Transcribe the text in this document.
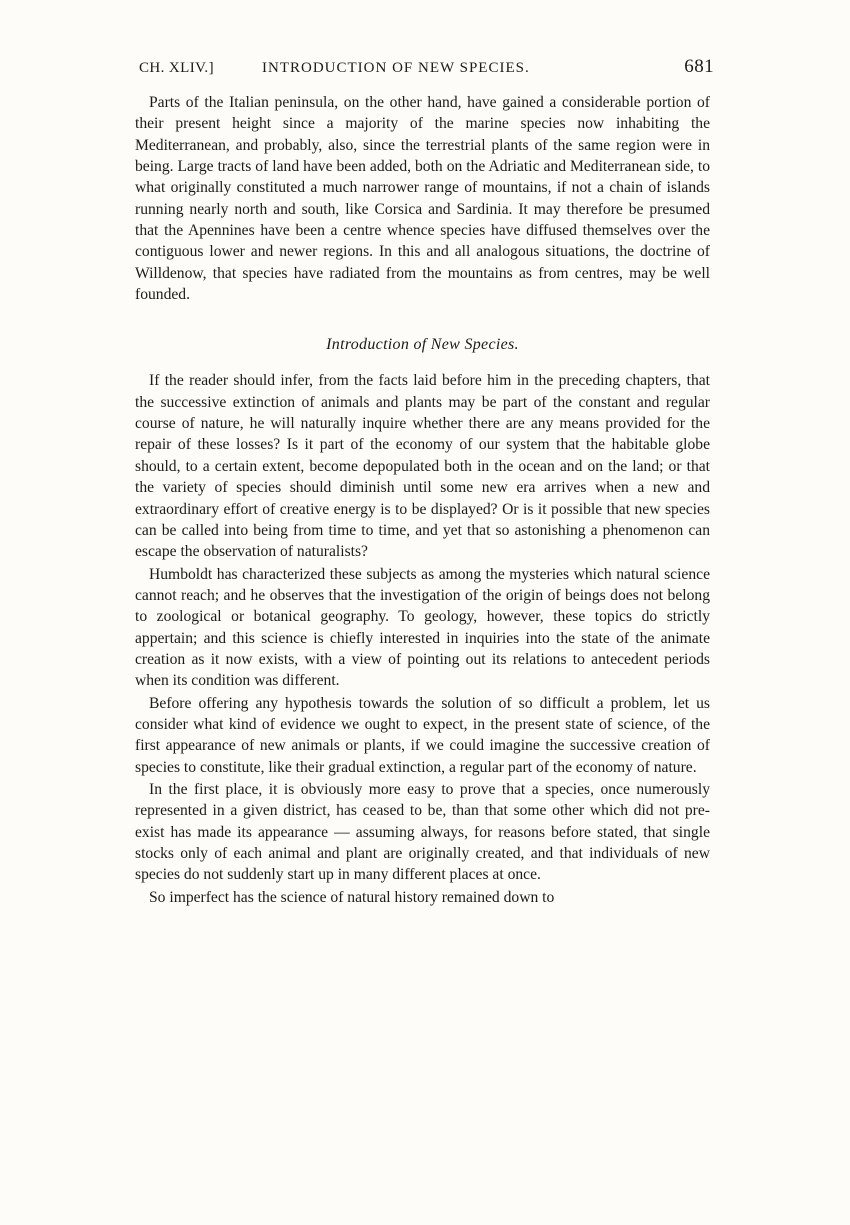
CH. XLIV.]	INTRODUCTION OF NEW SPECIES.	681

Parts of the Italian peninsula, on the other hand, have gained a considerable portion of their present height since a majority of the marine species now inhabiting the Mediterranean, and probably, also, since the terrestrial plants of the same region were in being. Large tracts of land have been added, both on the Adriatic and Mediterranean side, to what originally constituted a much narrower range of mountains, if not a chain of islands running nearly north and south, like Corsica and Sardinia. It may therefore be presumed that the Apennines have been a centre whence species have diffused themselves over the contiguous lower and newer regions. In this and all analogous situations, the doctrine of Willdenow, that species have radiated from the mountains as from centres, may be well founded.

Introduction of New Species.

If the reader should infer, from the facts laid before him in the preceding chapters, that the successive extinction of animals and plants may be part of the constant and regular course of nature, he will naturally inquire whether there are any means provided for the repair of these losses? Is it part of the economy of our system that the habitable globe should, to a certain extent, become depopulated both in the ocean and on the land; or that the variety of species should diminish until some new era arrives when a new and extraordinary effort of creative energy is to be displayed? Or is it possible that new species can be called into being from time to time, and yet that so astonishing a phenomenon can escape the observation of naturalists?

Humboldt has characterized these subjects as among the mysteries which natural science cannot reach; and he observes that the investigation of the origin of beings does not belong to zoological or botanical geography. To geology, however, these topics do strictly appertain; and this science is chiefly interested in inquiries into the state of the animate creation as it now exists, with a view of pointing out its relations to antecedent periods when its condition was different.

Before offering any hypothesis towards the solution of so difficult a problem, let us consider what kind of evidence we ought to expect, in the present state of science, of the first appearance of new animals or plants, if we could imagine the successive creation of species to constitute, like their gradual extinction, a regular part of the economy of nature.

In the first place, it is obviously more easy to prove that a species, once numerously represented in a given district, has ceased to be, than that some other which did not pre-exist has made its appearance — assuming always, for reasons before stated, that single stocks only of each animal and plant are originally created, and that individuals of new species do not suddenly start up in many different places at once.

So imperfect has the science of natural history remained down to
